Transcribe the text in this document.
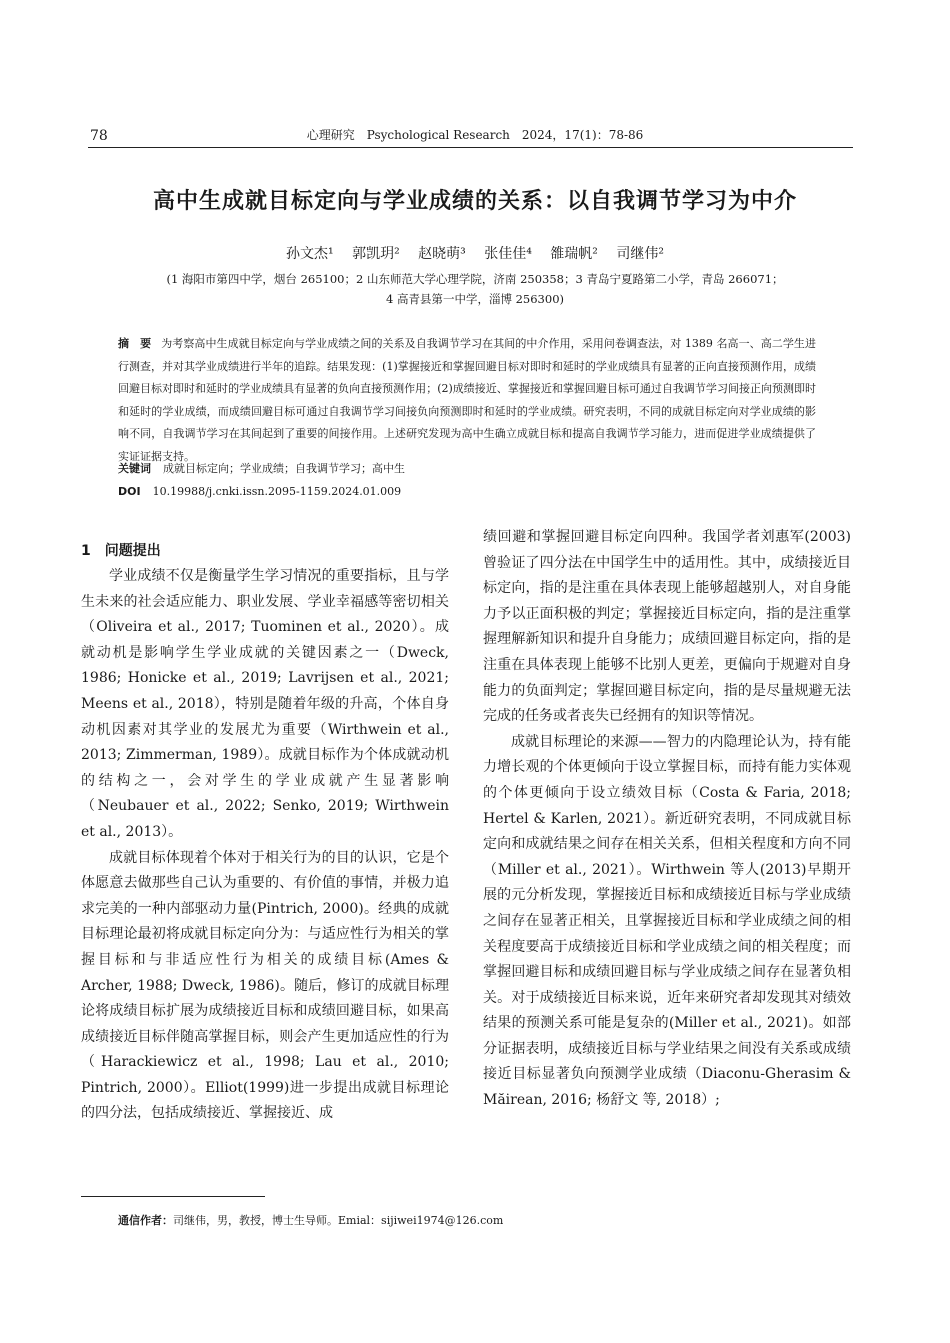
78	心理研究　Psychological Research　2024，17(1)：78-86
高中生成就目标定向与学业成绩的关系：以自我调节学习为中介
孙文杰¹ 郭凯玥² 赵晓萌³ 张佳佳⁴ 雒瑞帆² 司继伟²
(1 海阳市第四中学，烟台 265100；2 山东师范大学心理学院，济南 250358；3 青岛宁夏路第二小学，青岛 266071；
4 高青县第一中学，淄博 256300)
摘　要 为考察高中生成就目标定向与学业成绩之间的关系及自我调节学习在其间的中介作用，采用问卷调查法，对 1389 名高一、高二学生进行测查，并对其学业成绩进行半年的追踪。结果发现：(1)掌握接近和掌握回避目标对即时和延时的学业成绩具有显著的正向直接预测作用，成绩回避目标对即时和延时的学业成绩具有显著的负向直接预测作用；(2)成绩接近、掌握接近和掌握回避目标可通过自我调节学习间接正向预测即时和延时的学业成绩，而成绩回避目标可通过自我调节学习间接负向预测即时和延时的学业成绩。研究表明，不同的成就目标定向对学业成绩的影响不同，自我调节学习在其间起到了重要的间接作用。上述研究发现为高中生确立成就目标和提高自我调节学习能力，进而促进学业成绩提供了实证证据支持。
关键词 成就目标定向；学业成绩；自我调节学习；高中生
DOI 10.19988/j.cnki.issn.2095-1159.2024.01.009
1　问题提出

学业成绩不仅是衡量学生学习情况的重要指标，且与学生未来的社会适应能力、职业发展、学业幸福感等密切相关（Oliveira et al., 2017; Tuominen et al., 2020）。成就动机是影响学生学业成就的关键因素之一（Dweck, 1986; Honicke et al., 2019; Lavrijsen et al., 2021; Meens et al., 2018），特别是随着年级的升高，个体自身动机因素对其学业的发展尤为重要（Wirthwein et al., 2013; Zimmerman, 1989）。成就目标作为个体成就动机的结构之一，会对学生的学业成就产生显著影响（Neubauer et al., 2022; Senko, 2019; Wirthwein et al., 2013）。

成就目标体现着个体对于相关行为的目的认识，它是个体愿意去做那些自己认为重要的、有价值的事情，并极力追求完美的一种内部驱动力量(Pintrich, 2000)。经典的成就目标理论最初将成就目标定向分为：与适应性行为相关的掌握目标和与非适应性行为相关的成绩目标(Ames & Archer, 1988; Dweck, 1986)。随后，修订的成就目标理论将成绩目标扩展为成绩接近目标和成绩回避目标，如果高成绩接近目标伴随高掌握目标，则会产生更加适应性的行为（Harackiewicz et al., 1998; Lau et al., 2010; Pintrich, 2000）。Elliot(1999)进一步提出成就目标理论的四分法，包括成绩接近、掌握接近、成

绩回避和掌握回避目标定向四种。我国学者刘惠军(2003)曾验证了四分法在中国学生中的适用性。其中，成绩接近目标定向，指的是注重在具体表现上能够超越别人，对自身能力予以正面积极的判定；掌握接近目标定向，指的是注重掌握理解新知识和提升自身能力；成绩回避目标定向，指的是注重在具体表现上能够不比别人更差，更偏向于规避对自身能力的负面判定；掌握回避目标定向，指的是尽量规避无法完成的任务或者丧失已经拥有的知识等情况。

成就目标理论的来源——智力的内隐理论认为，持有能力增长观的个体更倾向于设立掌握目标，而持有能力实体观的个体更倾向于设立绩效目标（Costa & Faria, 2018; Hertel & Karlen, 2021）。新近研究表明，不同成就目标定向和成就结果之间存在相关关系，但相关程度和方向不同（Miller et al., 2021）。Wirthwein 等人(2013)早期开展的元分析发现，掌握接近目标和成绩接近目标与学业成绩之间存在显著正相关，且掌握接近目标和学业成绩之间的相关程度要高于成绩接近目标和学业成绩之间的相关程度；而掌握回避目标和成绩回避目标与学业成绩之间存在显著负相关。对于成绩接近目标来说，近年来研究者却发现其对绩效结果的预测关系可能是复杂的(Miller et al., 2021)。如部分证据表明，成绩接近目标与学业结果之间没有关系或成绩接近目标显著负向预测学业成绩（Diaconu-Gherasim & Măirean, 2016; 杨舒文 等, 2018）;

通信作者：司继伟，男，教授，博士生导师。Emial：sijiwei1974@126.com
